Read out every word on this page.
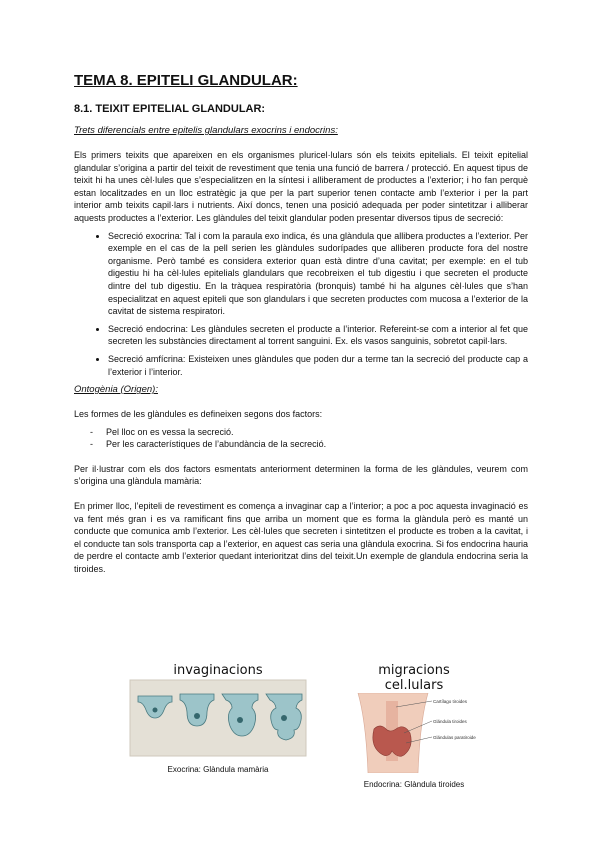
TEMA 8. EPITELI GLANDULAR:
8.1. TEIXIT EPITELIAL GLANDULAR:
Trets diferencials entre epitelis glandulars exocrins i endocrins:
Els primers teixits que apareixen en els organismes pluricel·lulars són els teixits epitelials. El teixit epitelial glandular s’origina a partir del teixit de revestiment que tenia una funció de barrera / protecció. En aquest tipus de teixit hi ha unes cèl·lules que s’especialitzen en la síntesi i alliberament de productes a l’exterior; i ho fan perquè estan localitzades en un lloc estratègic ja que per la part superior tenen contacte amb l’exterior i per la part interior amb teixits capil·lars i nutrients. Així doncs, tenen una posició adequada per poder sintetitzar i alliberar aquests productes a l’exterior. Les glàndules del teixit glandular poden presentar diversos tipus de secreció:
• Secreció exocrina: Tal i com la paraula exo indica, és una glàndula que allibera productes a l’exterior. Per exemple en el cas de la pell serien les glàndules sudorípades que alliberen producte fora del nostre organisme. Però també es considera exterior quan està dintre d’una cavitat; per exemple: en el tub digestiu hi ha cèl·lules epitelials glandulars que recobreixen el tub digestiu i que secreten el producte dintre del tub digestiu. En la tràquea respiratòria (bronquis) també hi ha algunes cèl·lules que s’han especialitzat en aquest epiteli que son glandulars i que secreten productes com mucosa a l’exterior de la cavitat de sistema respiratori.
• Secreció endocrina: Les glàndules secreten el producte a l’interior. Refereint-se com a interior al fet que secreten les substàncies directament al torrent sanguini. Ex. els vasos sanguinis, sobretot capil·lars.
• Secreció amfícrina: Existeixen unes glàndules que poden dur a terme tan la secreció del producte cap a l’exterior i l’interior.
Ontogènia (Origen):
Les formes de les glàndules es defineixen segons dos factors:
- Pel lloc on es vessa la secreció.
- Per les característiques de l’abundància de la secreció.
Per il·lustrar com els dos factors esmentats anteriorment determinen la forma de les glàndules, veurem com s’origina una glàndula mamària:
En primer lloc, l’epiteli de revestiment es comença a invaginar cap a l’interior; a poc a poc aquesta invaginació es va fent més gran i es va ramificant fins que arriba un moment que es forma la glàndula però es manté un conducte que comunica amb l’exterior. Les cèl·lules que secreten i sintetitzen el producte es troben a la cavitat, i el conducte tan sols transporta cap a l’exterior, en aquest cas seria una glàndula exocrina. Si fos endocrina hauria de perdre el contacte amb l’exterior quedant interioritzat dins del teixit.Un exemple de glandula endocrina seria la tiroides.
invaginacions
Exocrina: Glàndula mamària
migracions cel.lulars
Cartílago tiroides
Glándula tiroides
Glándulas paratiroides
Endocrina: Glàndula tiroides
